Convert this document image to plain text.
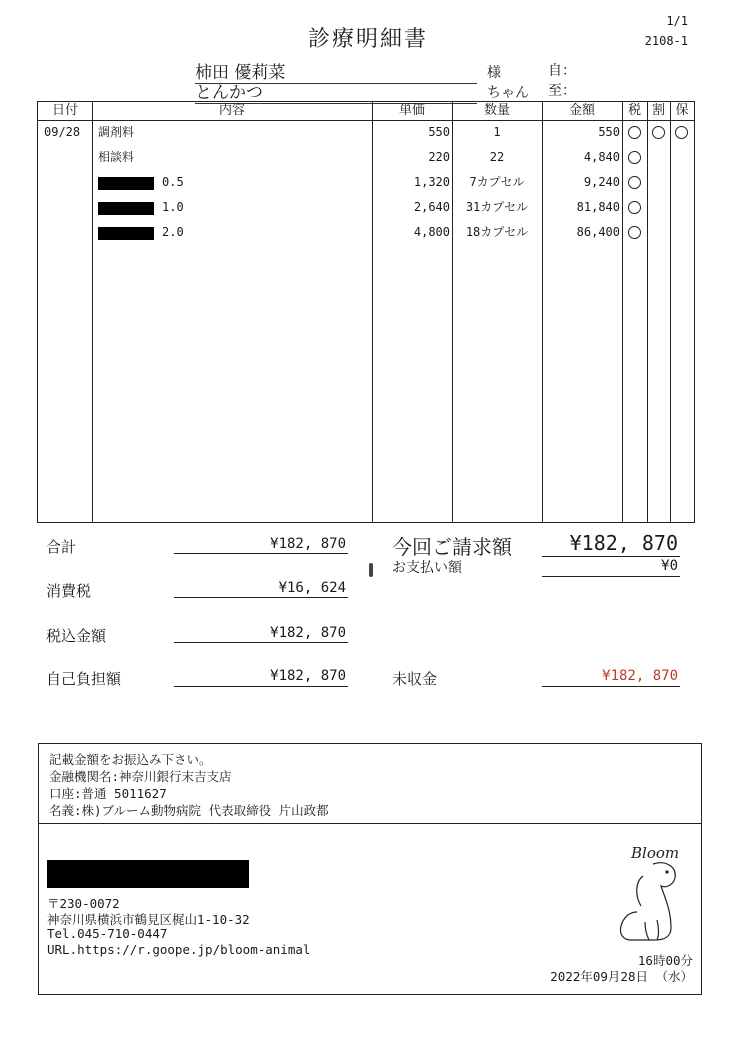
診療明細書
1/1
2108-1
柿田 優莉菜	様
とんかつ	ちゃん
自：
至：
日付	内容	単価	数量	金額	税 割 保
09/28 調剤料	550	1	550
相談料	220	22	4,840
0.5	1,320	7カプセル	9,240
1.0	2,640	31カプセル	81,840
2.0	4,800	18カプセル	86,400
合計	¥182, 870
消費税	¥16, 624
税込金額	¥182, 870
自己負担額	¥182, 870
今回ご請求額	¥182, 870
お支払い額	¥0
未収金	¥182, 870
記載金額をお振込み下さい。
金融機関名:神奈川銀行末吉支店
口座:普通 5011627
名義:株)ブルーム動物病院 代表取締役 片山政都
〒230-0072
神奈川県横浜市鶴見区梶山1-10-32
Tel.045-710-0447
URL.https://r.goope.jp/bloom-animal
Bloom
16時00分
2022年09月28日 （水）
